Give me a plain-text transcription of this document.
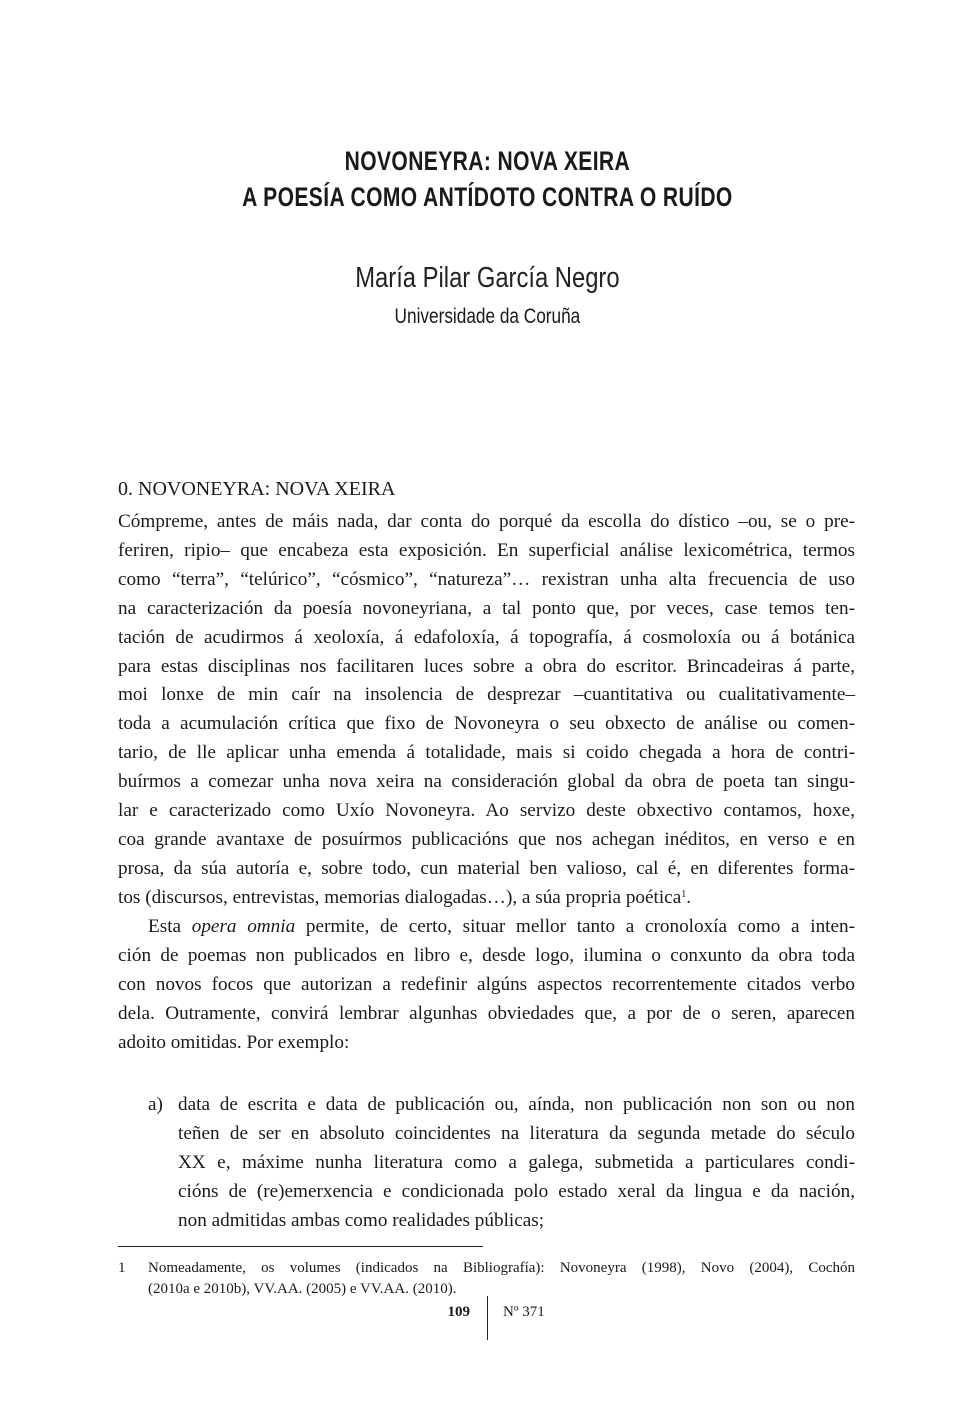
NOVONEYRA: NOVA XEIRA
A POESÍA COMO ANTÍDOTO CONTRA O RUÍDO
María Pilar García Negro
Universidade da Coruña
0. NOVONEYRA: NOVA XEIRA
Cómpreme, antes de máis nada, dar conta do porqué da escolla do dístico –ou, se o pre-
feriren, ripio– que encabeza esta exposición. En superficial análise lexicométrica, termos
como “terra”, “telúrico”, “cósmico”, “natureza”… rexistran unha alta frecuencia de uso
na caracterización da poesía novoneyriana, a tal ponto que, por veces, case temos ten-
tación de acudirmos á xeoloxía, á edafoloxía, á topografía, á cosmoloxía ou á botánica
para estas disciplinas nos facilitaren luces sobre a obra do escritor. Brincadeiras á parte,
moi lonxe de min caír na insolencia de desprezar –cuantitativa ou cualitativamente–
toda a acumulación crítica que fixo de Novoneyra o seu obxecto de análise ou comen-
tario, de lle aplicar unha emenda á totalidade, mais si coido chegada a hora de contri-
buírmos a comezar unha nova xeira na consideración global da obra de poeta tan singu-
lar e caracterizado como Uxío Novoneyra. Ao servizo deste obxectivo contamos, hoxe,
coa grande avantaxe de posuírmos publicacións que nos achegan inéditos, en verso e en
prosa, da súa autoría e, sobre todo, cun material ben valioso, cal é, en diferentes forma-
tos (discursos, entrevistas, memorias dialogadas…), a súa propria poética$^1$.
Esta opera omnia permite, de certo, situar mellor tanto a cronoloxía como a inten-
ción de poemas non publicados en libro e, desde logo, ilumina o conxunto da obra toda
con novos focos que autorizan a redefinir algúns aspectos recorrentemente citados verbo
dela. Outramente, convirá lembrar algunhas obviedades que, a por de o seren, aparecen
adoito omitidas. Por exemplo:
a) data de escrita e data de publicación ou, aínda, non publicación non son ou non
teñen de ser en absoluto coincidentes na literatura da segunda metade do século
XX e, máxime nunha literatura como a galega, submetida a particulares condi-
cións de (re)emerxencia e condicionada polo estado xeral da lingua e da nación,
non admitidas ambas como realidades públicas;
1 Nomeadamente, os volumes (indicados na Bibliografía): Novoneyra (1998), Novo (2004), Cochón
(2010a e 2010b), VV.AA. (2005) e VV.AA. (2010).
109 Nº 371
